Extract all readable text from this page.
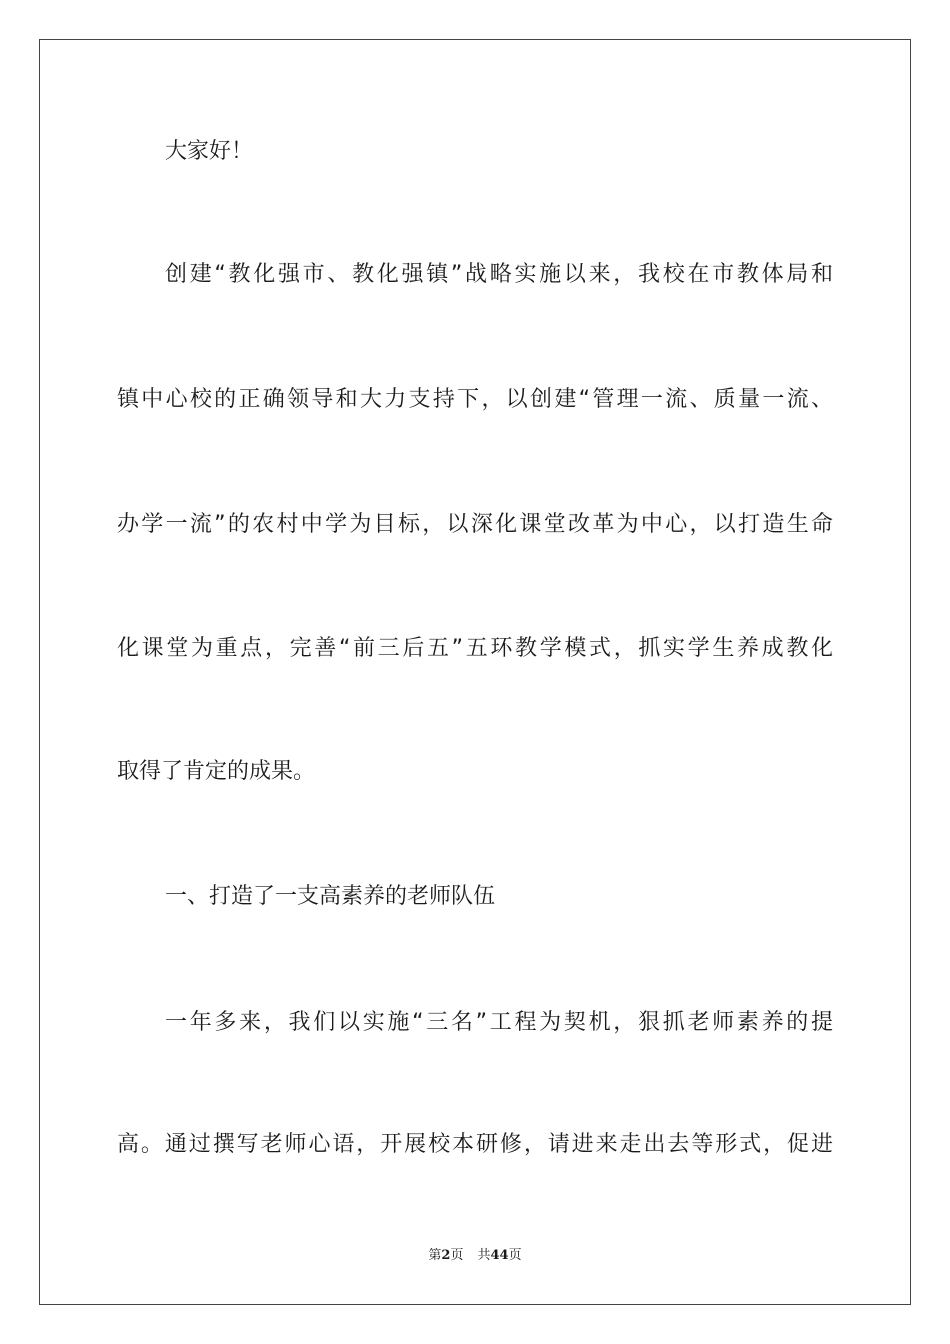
大家好！

创建“教化强市、教化强镇”战略实施以来，我校在市教体局和

镇中心校的正确领导和大力支持下，以创建“管理一流、质量一流、

办学一流”的农村中学为目标，以深化课堂改革为中心，以打造生命

化课堂为重点，完善“前三后五”五环教学模式，抓实学生养成教化

取得了肯定的成果。

一、打造了一支高素养的老师队伍

一年多来，我们以实施“三名”工程为契机，狠抓老师素养的提

高。通过撰写老师心语，开展校本研修，请进来走出去等形式，促进

第2页 共44页
